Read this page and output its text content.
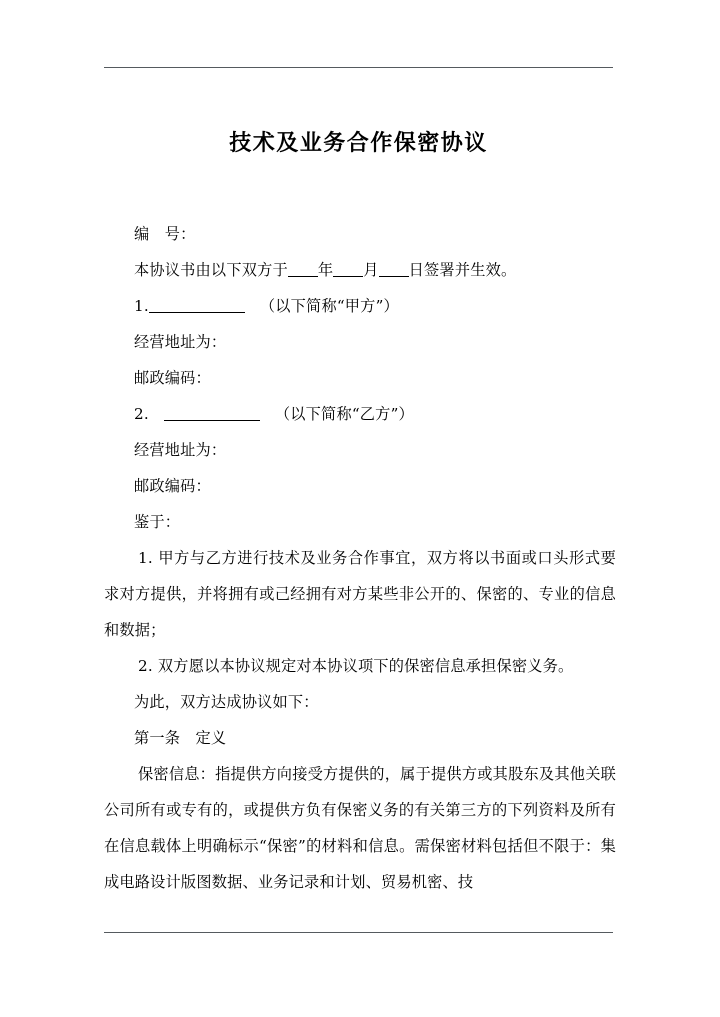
技术及业务合作保密协议

编　号：

本协议书由以下双方于 年 月 日签署并生效。

1.	（以下简称“甲方”）

经营地址为：

邮政编码：

2.	（以下简称“乙方”）

经营地址为：

邮政编码：

鉴于：

1. 甲方与乙方进行技术及业务合作事宜，双方将以书面或口头形式要求对方提供，并将拥有或己经拥有对方某些非公开的、保密的、专业的信息和数据；

2. 双方愿以本协议规定对本协议项下的保密信息承担保密义务。

为此，双方达成协议如下：

第一条　定义

保密信息：指提供方向接受方提供的，属于提供方或其股东及其他关联公司所有或专有的，或提供方负有保密义务的有关第三方的下列资料及所有在信息载体上明确标示“保密”的材料和信息。需保密材料包括但不限于：集成电路设计版图数据、业务记录和计划、贸易机密、技
